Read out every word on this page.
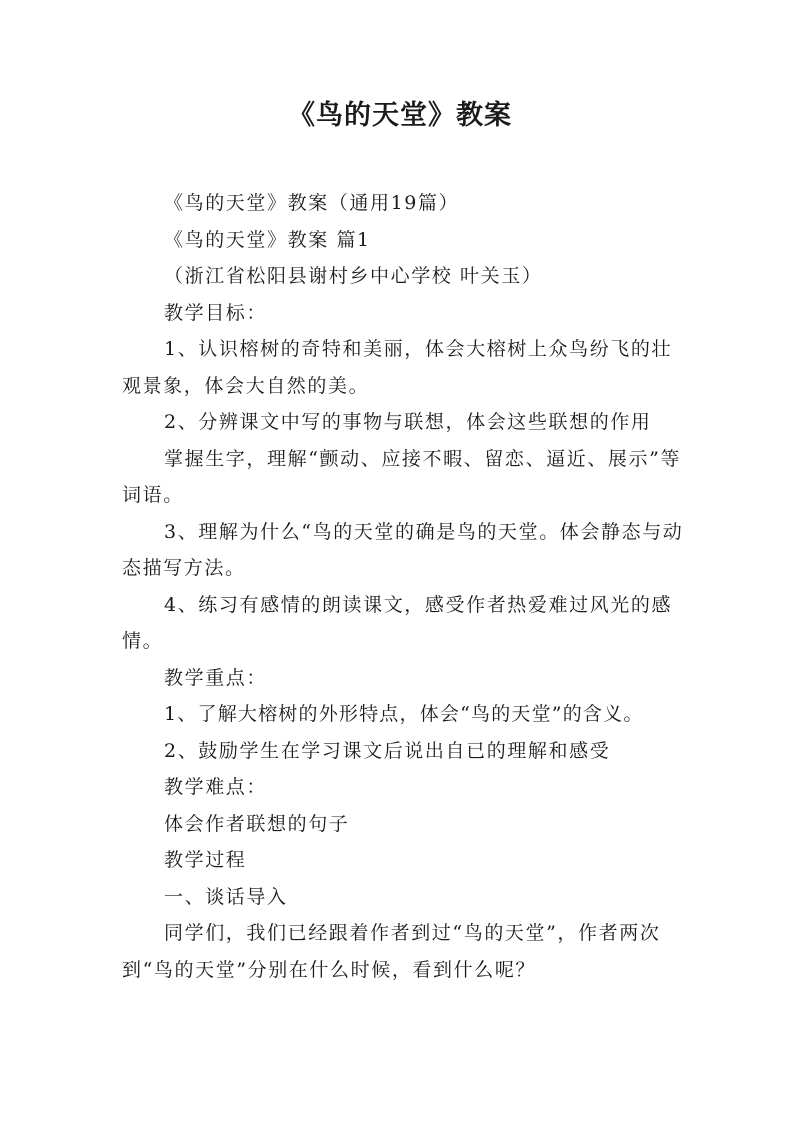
《鸟的天堂》教案

《鸟的天堂》教案（通用19篇）

《鸟的天堂》教案 篇1

（浙江省松阳县谢村乡中心学校 叶关玉）

教学目标：

1、认识榕树的奇特和美丽，体会大榕树上众鸟纷飞的壮观景象，体会大自然的美。

2、分辨课文中写的事物与联想，体会这些联想的作用

掌握生字，理解“颤动、应接不暇、留恋、逼近、展示”等词语。

3、理解为什么“鸟的天堂的确是鸟的天堂。体会静态与动态描写方法。

4、练习有感情的朗读课文，感受作者热爱难过风光的感情。

教学重点：

1、了解大榕树的外形特点，体会“鸟的天堂”的含义。

2、鼓励学生在学习课文后说出自已的理解和感受

教学难点：

体会作者联想的句子

教学过程

一、谈话导入

同学们，我们已经跟着作者到过“鸟的天堂”，作者两次到“鸟的天堂”分别在什么时候，看到什么呢？
